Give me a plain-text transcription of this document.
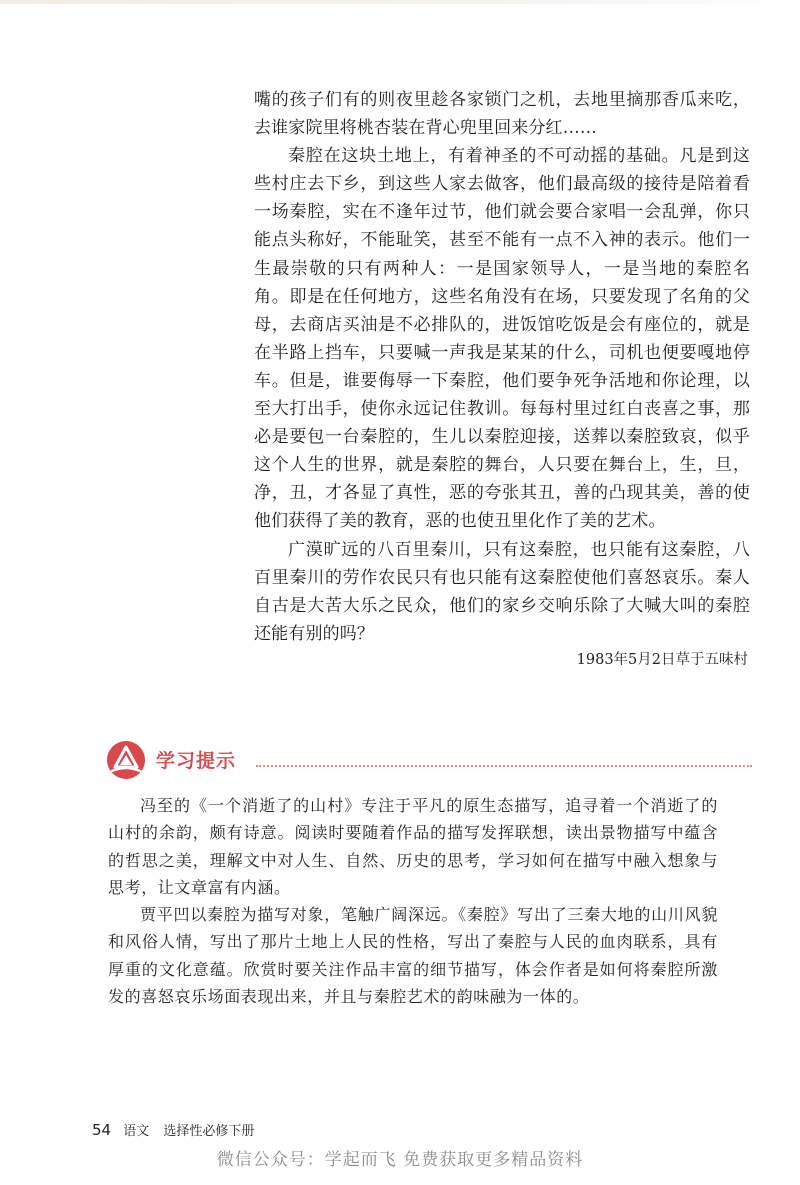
嘴的孩子们有的则夜里趁各家锁门之机，去地里摘那香瓜来吃，去谁家院里将桃杏装在背心兜里回来分红……

秦腔在这块土地上，有着神圣的不可动摇的基础。凡是到这些村庄去下乡，到这些人家去做客，他们最高级的接待是陪着看一场秦腔，实在不逢年过节，他们就会要合家唱一会乱弹，你只能点头称好，不能耻笑，甚至不能有一点不入神的表示。他们一生最崇敬的只有两种人：一是国家领导人，一是当地的秦腔名角。即是在任何地方，这些名角没有在场，只要发现了名角的父母，去商店买油是不必排队的，进饭馆吃饭是会有座位的，就是在半路上挡车，只要喊一声我是某某的什么，司机也便要嘎地停车。但是，谁要侮辱一下秦腔，他们要争死争活地和你论理，以至大打出手，使你永远记住教训。每每村里过红白丧喜之事，那必是要包一台秦腔的，生儿以秦腔迎接，送葬以秦腔致哀，似乎这个人生的世界，就是秦腔的舞台，人只要在舞台上，生，旦，净，丑，才各显了真性，恶的夸张其丑，善的凸现其美，善的使他们获得了美的教育，恶的也使丑里化作了美的艺术。

广漠旷远的八百里秦川，只有这秦腔，也只能有这秦腔，八百里秦川的劳作农民只有也只能有这秦腔使他们喜怒哀乐。秦人自古是大苦大乐之民众，他们的家乡交响乐除了大喊大叫的秦腔还能有别的吗？

1983年5月2日草于五味村
学习提示

冯至的《一个消逝了的山村》专注于平凡的原生态描写，追寻着一个消逝了的山村的余韵，颇有诗意。阅读时要随着作品的描写发挥联想，读出景物描写中蕴含的哲思之美，理解文中对人生、自然、历史的思考，学习如何在描写中融入想象与思考，让文章富有内涵。

贾平凹以秦腔为描写对象，笔触广阔深远。《秦腔》写出了三秦大地的山川风貌和风俗人情，写出了那片土地上人民的性格，写出了秦腔与人民的血肉联系，具有厚重的文化意蕴。欣赏时要关注作品丰富的细节描写，体会作者是如何将秦腔所激发的喜怒哀乐场面表现出来，并且与秦腔艺术的韵味融为一体的。

54 语文 选择性必修下册
微信公众号：学起而飞 免费获取更多精品资料
